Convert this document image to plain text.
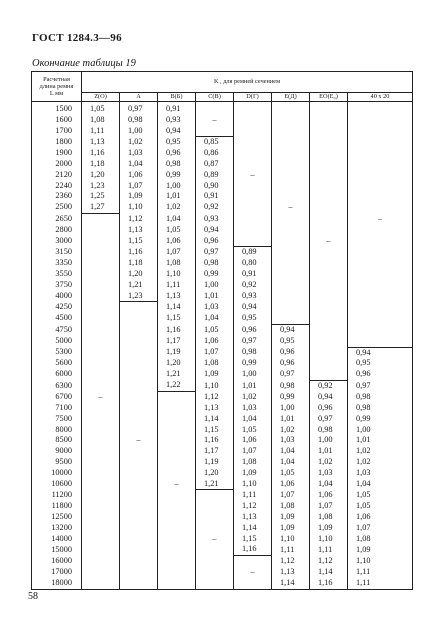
ГОСТ 1284.3—96
Окончание таблицы 19
Расчетная
длина ремня
L мм	K , для ремней сечением							
	Z(O)	A	B(Б)	C(B)	D(Г)	E(Д)	EO(Е₀)	40 x 20
1500	1,05	0,97	0,91					
1600	1,08	0,98	0,93	–				
1700	1,11	1,00	0,94					
1800	1,13	1,02	0,95	0,85				
1900	1,16	1,03	0,96	0,86				
2000	1,18	1,04	0,98	0,87				
2120	1,20	1,06	0,99	0,89	–			
2240	1,23	1,07	1,00	0,90				
2360	1,25	1,09	1,01	0,91				
2500	1,27	1,10	1,02	0,92		–		
2650		1,12	1,04	0,93				–
2800		1,13	1,05	0,94				
3000		1,15	1,06	0,96			–	
3150		1,16	1,07	0,97	0,89			
3350		1,18	1,08	0,98	0,80			
3550		1,20	1,10	0,99	0,91			
3750		1,21	1,11	1,00	0,92			
4000		1,23	1,13	1,01	0,93			
4250			1,14	1,03	0,94			
4500			1,15	1,04	0,95			
4750			1,16	1,05	0,96	0,94		
5000			1,17	1,06	0,97	0,95		
5300			1,19	1,07	0,98	0,96		0,94
5600			1,20	1,08	0,99	0,96		0,95
6000			1,21	1,09	1,00	0,97		0,96
6300			1,22	1,10	1,01	0,98	0,92	0,97
6700	–			1,12	1,02	0,99	0,94	0,98
7100				1,13	1,03	1,00	0,96	0,98
7500				1,14	1,04	1,01	0,97	0,99
8000				1,15	1,05	1,02	0,98	1,00
8500		–		1,16	1,06	1,03	1,00	1,01
9000				1,17	1,07	1,04	1,01	1,02
9500				1,19	1,08	1,04	1,02	1,02
10000				1,20	1,09	1,05	1,03	1,03
10600			–	1,21	1,10	1,06	1,04	1,04
11200					1,11	1,07	1,06	1,05
11800					1,12	1,08	1,07	1,05
12500					1,13	1,09	1,08	1,06
13200					1,14	1,09	1,09	1,07
14000				–	1,15	1,10	1,10	1,08
15000					1,16	1,11	1,11	1,09
16000						1,12	1,12	1,10
17000					–	1,13	1,14	1,11
18000						1,14	1,16	1,11
58
